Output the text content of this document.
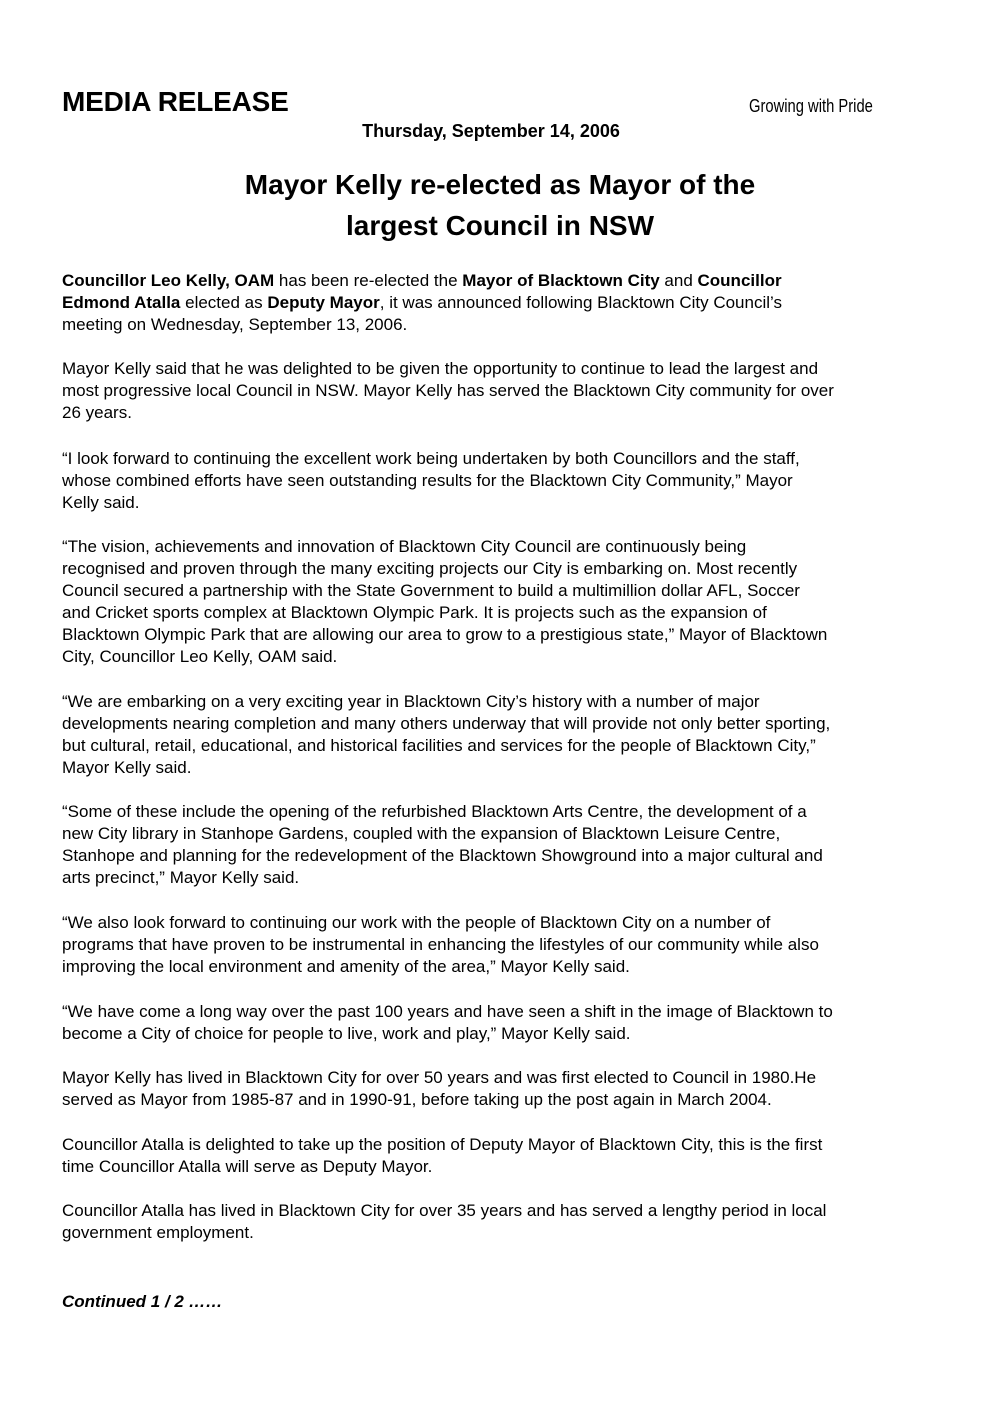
MEDIA RELEASE	Growing with Pride
Thursday, September 14, 2006
Mayor Kelly re-elected as Mayor of the
largest Council in NSW
Councillor Leo Kelly, OAM has been re-elected the Mayor of Blacktown City and Councillor
Edmond Atalla elected as Deputy Mayor, it was announced following Blacktown City Council’s
meeting on Wednesday, September 13, 2006.
Mayor Kelly said that he was delighted to be given the opportunity to continue to lead the largest and
most progressive local Council in NSW. Mayor Kelly has served the Blacktown City community for over
26 years.
“I look forward to continuing the excellent work being undertaken by both Councillors and the staff,
whose combined efforts have seen outstanding results for the Blacktown City Community,” Mayor
Kelly said.
“The vision, achievements and innovation of Blacktown City Council are continuously being
recognised and proven through the many exciting projects our City is embarking on. Most recently
Council secured a partnership with the State Government to build a multimillion dollar AFL, Soccer
and Cricket sports complex at Blacktown Olympic Park. It is projects such as the expansion of
Blacktown Olympic Park that are allowing our area to grow to a prestigious state,” Mayor of Blacktown
City, Councillor Leo Kelly, OAM said.
“We are embarking on a very exciting year in Blacktown City’s history with a number of major
developments nearing completion and many others underway that will provide not only better sporting,
but cultural, retail, educational, and historical facilities and services for the people of Blacktown City,”
Mayor Kelly said.
“Some of these include the opening of the refurbished Blacktown Arts Centre, the development of a
new City library in Stanhope Gardens, coupled with the expansion of Blacktown Leisure Centre,
Stanhope and planning for the redevelopment of the Blacktown Showground into a major cultural and
arts precinct,” Mayor Kelly said.
“We also look forward to continuing our work with the people of Blacktown City on a number of
programs that have proven to be instrumental in enhancing the lifestyles of our community while also
improving the local environment and amenity of the area,” Mayor Kelly said.
“We have come a long way over the past 100 years and have seen a shift in the image of Blacktown to
become a City of choice for people to live, work and play,” Mayor Kelly said.
Mayor Kelly has lived in Blacktown City for over 50 years and was first elected to Council in 1980.He
served as Mayor from 1985-87 and in 1990-91, before taking up the post again in March 2004.
Councillor Atalla is delighted to take up the position of Deputy Mayor of Blacktown City, this is the first
time Councillor Atalla will serve as Deputy Mayor.
Councillor Atalla has lived in Blacktown City for over 35 years and has served a lengthy period in local
government employment.
Continued 1 / 2 ……
